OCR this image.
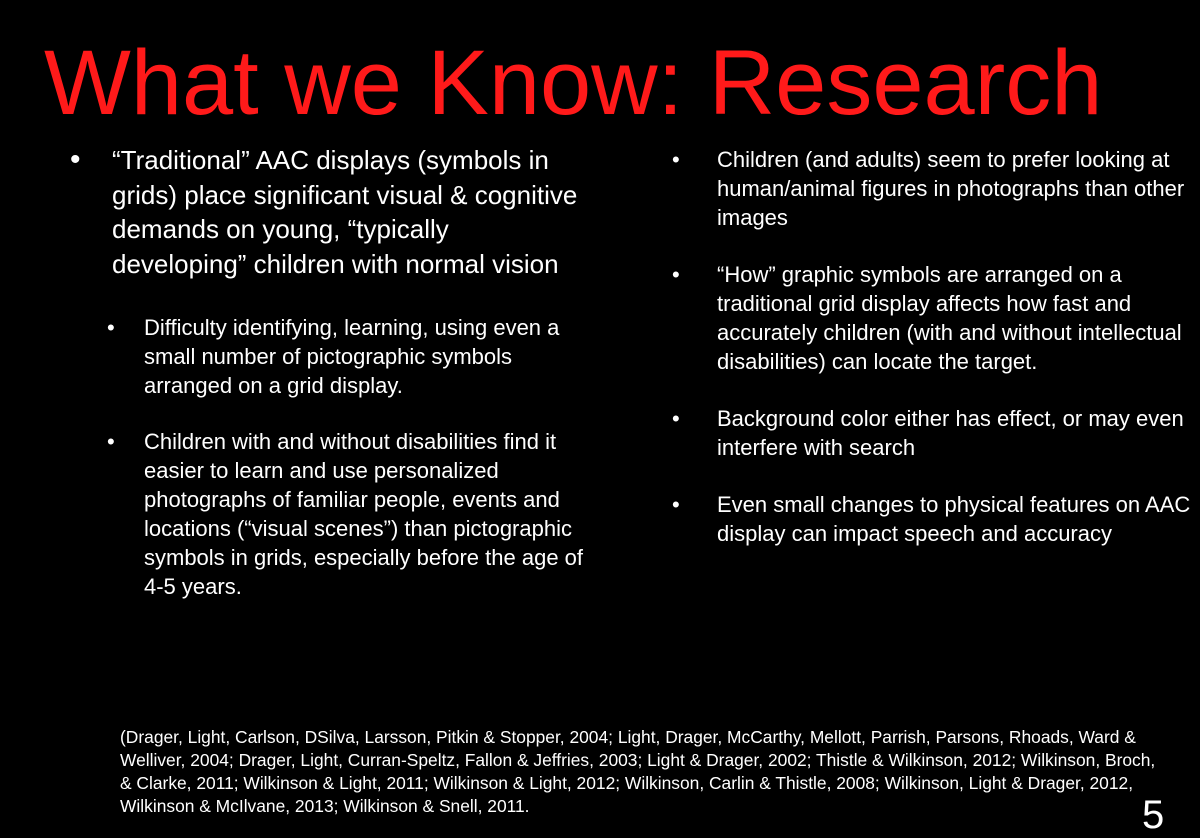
What we Know: Research
• “Traditional” AAC displays (symbols in grids) place significant visual & cognitive demands on young, “typically developing” children with normal vision
• Difficulty identifying, learning, using even a small number of pictographic symbols arranged on a grid display.
• Children with and without disabilities find it easier to learn and use personalized photographs of familiar people, events and locations (“visual scenes”) than pictographic symbols in grids, especially before the age of 4-5 years.
• Children (and adults) seem to prefer looking at human/animal figures in photographs than other images
• “How” graphic symbols are arranged on a traditional grid display affects how fast and accurately children (with and without intellectual disabilities) can locate the target.
• Background color either has effect, or may even interfere with search
• Even small changes to physical features on AAC display can impact speech and accuracy
(Drager, Light, Carlson, DSilva, Larsson, Pitkin & Stopper, 2004; Light, Drager, McCarthy, Mellott, Parrish, Parsons, Rhoads, Ward & Welliver, 2004; Drager, Light, Curran-Speltz, Fallon & Jeffries, 2003; Light & Drager, 2002; Thistle & Wilkinson, 2012; Wilkinson, Broch, & Clarke, 2011; Wilkinson & Light, 2011; Wilkinson & Light, 2012; Wilkinson, Carlin & Thistle, 2008; Wilkinson, Light & Drager, 2012, Wilkinson & McIlvane, 2013; Wilkinson & Snell, 2011.	5
